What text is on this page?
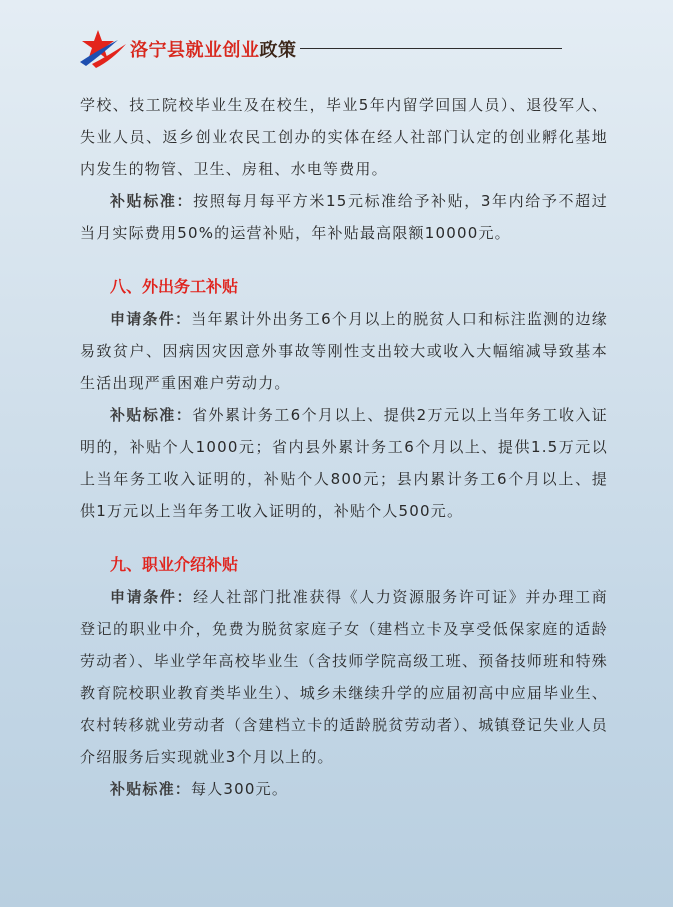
洛宁县就业创业政策

学校、技工院校毕业生及在校生，毕业5年内留学回国人员）、退役军人、失业人员、返乡创业农民工创办的实体在经人社部门认定的创业孵化基地内发生的物管、卫生、房租、水电等费用。

补贴标准：按照每月每平方米15元标准给予补贴，3年内给予不超过当月实际费用50%的运营补贴，年补贴最高限额10000元。

八、外出务工补贴

申请条件：当年累计外出务工6个月以上的脱贫人口和标注监测的边缘易致贫户、因病因灾因意外事故等刚性支出较大或收入大幅缩减导致基本生活出现严重困难户劳动力。

补贴标准：省外累计务工6个月以上、提供2万元以上当年务工收入证明的，补贴个人1000元；省内县外累计务工6个月以上、提供1.5万元以上当年务工收入证明的，补贴个人800元；县内累计务工6个月以上、提供1万元以上当年务工收入证明的，补贴个人500元。

九、职业介绍补贴

申请条件：经人社部门批准获得《人力资源服务许可证》并办理工商登记的职业中介，免费为脱贫家庭子女（建档立卡及享受低保家庭的适龄劳动者）、毕业学年高校毕业生（含技师学院高级工班、预备技师班和特殊教育院校职业教育类毕业生）、城乡未继续升学的应届初高中应届毕业生、农村转移就业劳动者（含建档立卡的适龄脱贫劳动者）、城镇登记失业人员介绍服务后实现就业3个月以上的。

补贴标准：每人300元。
